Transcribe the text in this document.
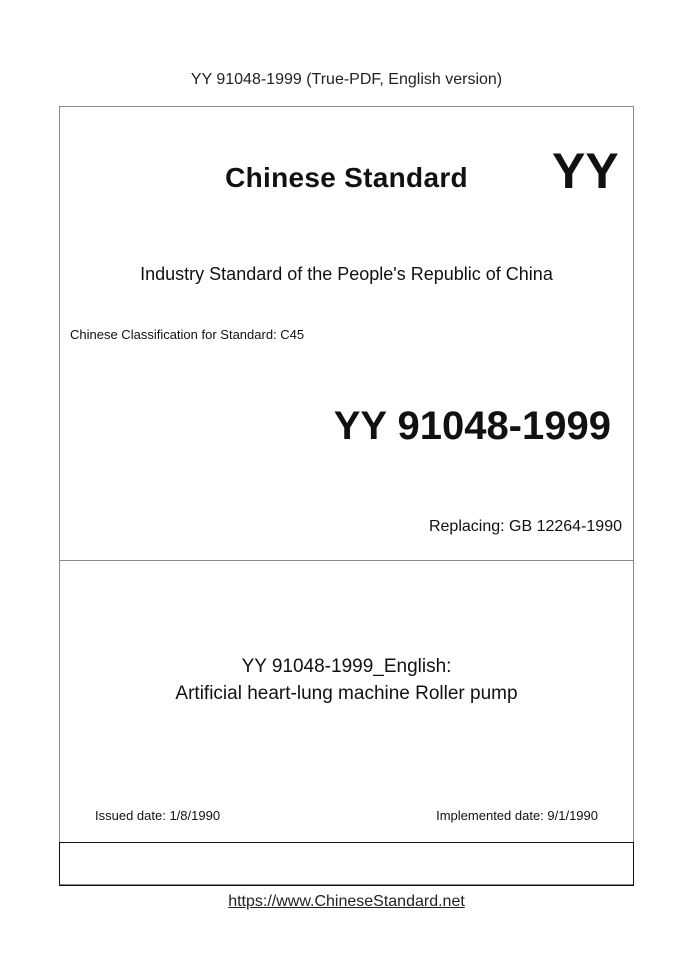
YY 91048-1999 (True-PDF, English version)
Chinese Standard	YY
Industry Standard of the People's Republic of China
Chinese Classification for Standard: C45
YY 91048-1999
Replacing: GB 12264-1990
YY 91048-1999_English:
Artificial heart-lung machine Roller pump
Issued date: 1/8/1990	Implemented date: 9/1/1990
https://www.ChineseStandard.net
